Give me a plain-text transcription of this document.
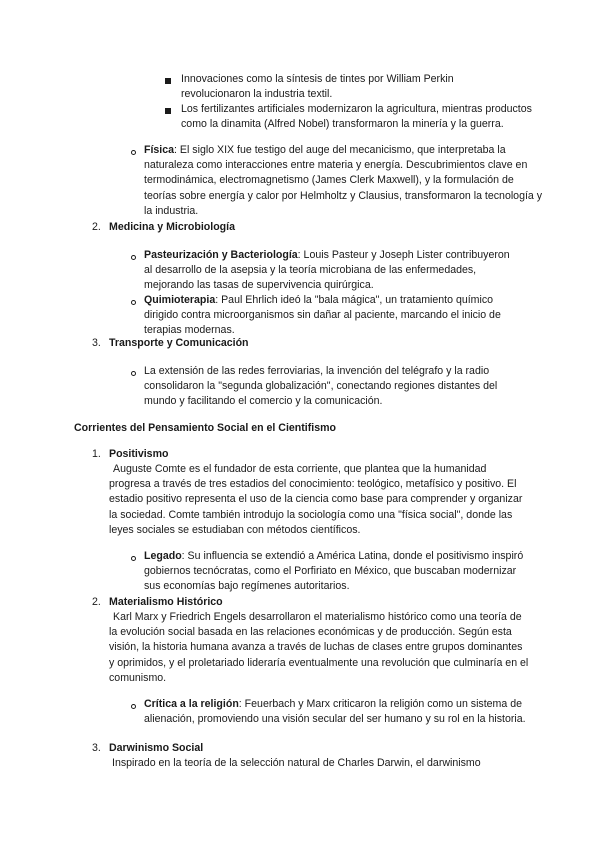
Innovaciones como la síntesis de tintes por William Perkin revolucionaron la industria textil.
Los fertilizantes artificiales modernizaron la agricultura, mientras productos como la dinamita (Alfred Nobel) transformaron la minería y la guerra.
Física: El siglo XIX fue testigo del auge del mecanicismo, que interpretaba la naturaleza como interacciones entre materia y energía. Descubrimientos clave en termodinámica, electromagnetismo (James Clerk Maxwell), y la formulación de teorías sobre energía y calor por Helmholtz y Clausius, transformaron la tecnología y la industria.
2. Medicina y Microbiología
Pasteurización y Bacteriología: Louis Pasteur y Joseph Lister contribuyeron al desarrollo de la asepsia y la teoría microbiana de las enfermedades, mejorando las tasas de supervivencia quirúrgica.
Quimioterapia: Paul Ehrlich ideó la "bala mágica", un tratamiento químico dirigido contra microorganismos sin dañar al paciente, marcando el inicio de terapias modernas.
3. Transporte y Comunicación
La extensión de las redes ferroviarias, la invención del telégrafo y la radio consolidaron la "segunda globalización", conectando regiones distantes del mundo y facilitando el comercio y la comunicación.
Corrientes del Pensamiento Social en el Cientifismo
1. Positivismo
Auguste Comte es el fundador de esta corriente, que plantea que la humanidad progresa a través de tres estadios del conocimiento: teológico, metafísico y positivo. El estadio positivo representa el uso de la ciencia como base para comprender y organizar la sociedad. Comte también introdujo la sociología como una "física social", donde las leyes sociales se estudiaban con métodos científicos.
Legado: Su influencia se extendió a América Latina, donde el positivismo inspiró gobiernos tecnócratas, como el Porfiriato en México, que buscaban modernizar sus economías bajo regímenes autoritarios.
2. Materialismo Histórico
Karl Marx y Friedrich Engels desarrollaron el materialismo histórico como una teoría de la evolución social basada en las relaciones económicas y de producción. Según esta visión, la historia humana avanza a través de luchas de clases entre grupos dominantes y oprimidos, y el proletariado lideraría eventualmente una revolución que culminaría en el comunismo.
Crítica a la religión: Feuerbach y Marx criticaron la religión como un sistema de alienación, promoviendo una visión secular del ser humano y su rol en la historia.
3. Darwinismo Social
Inspirado en la teoría de la selección natural de Charles Darwin, el darwinismo
